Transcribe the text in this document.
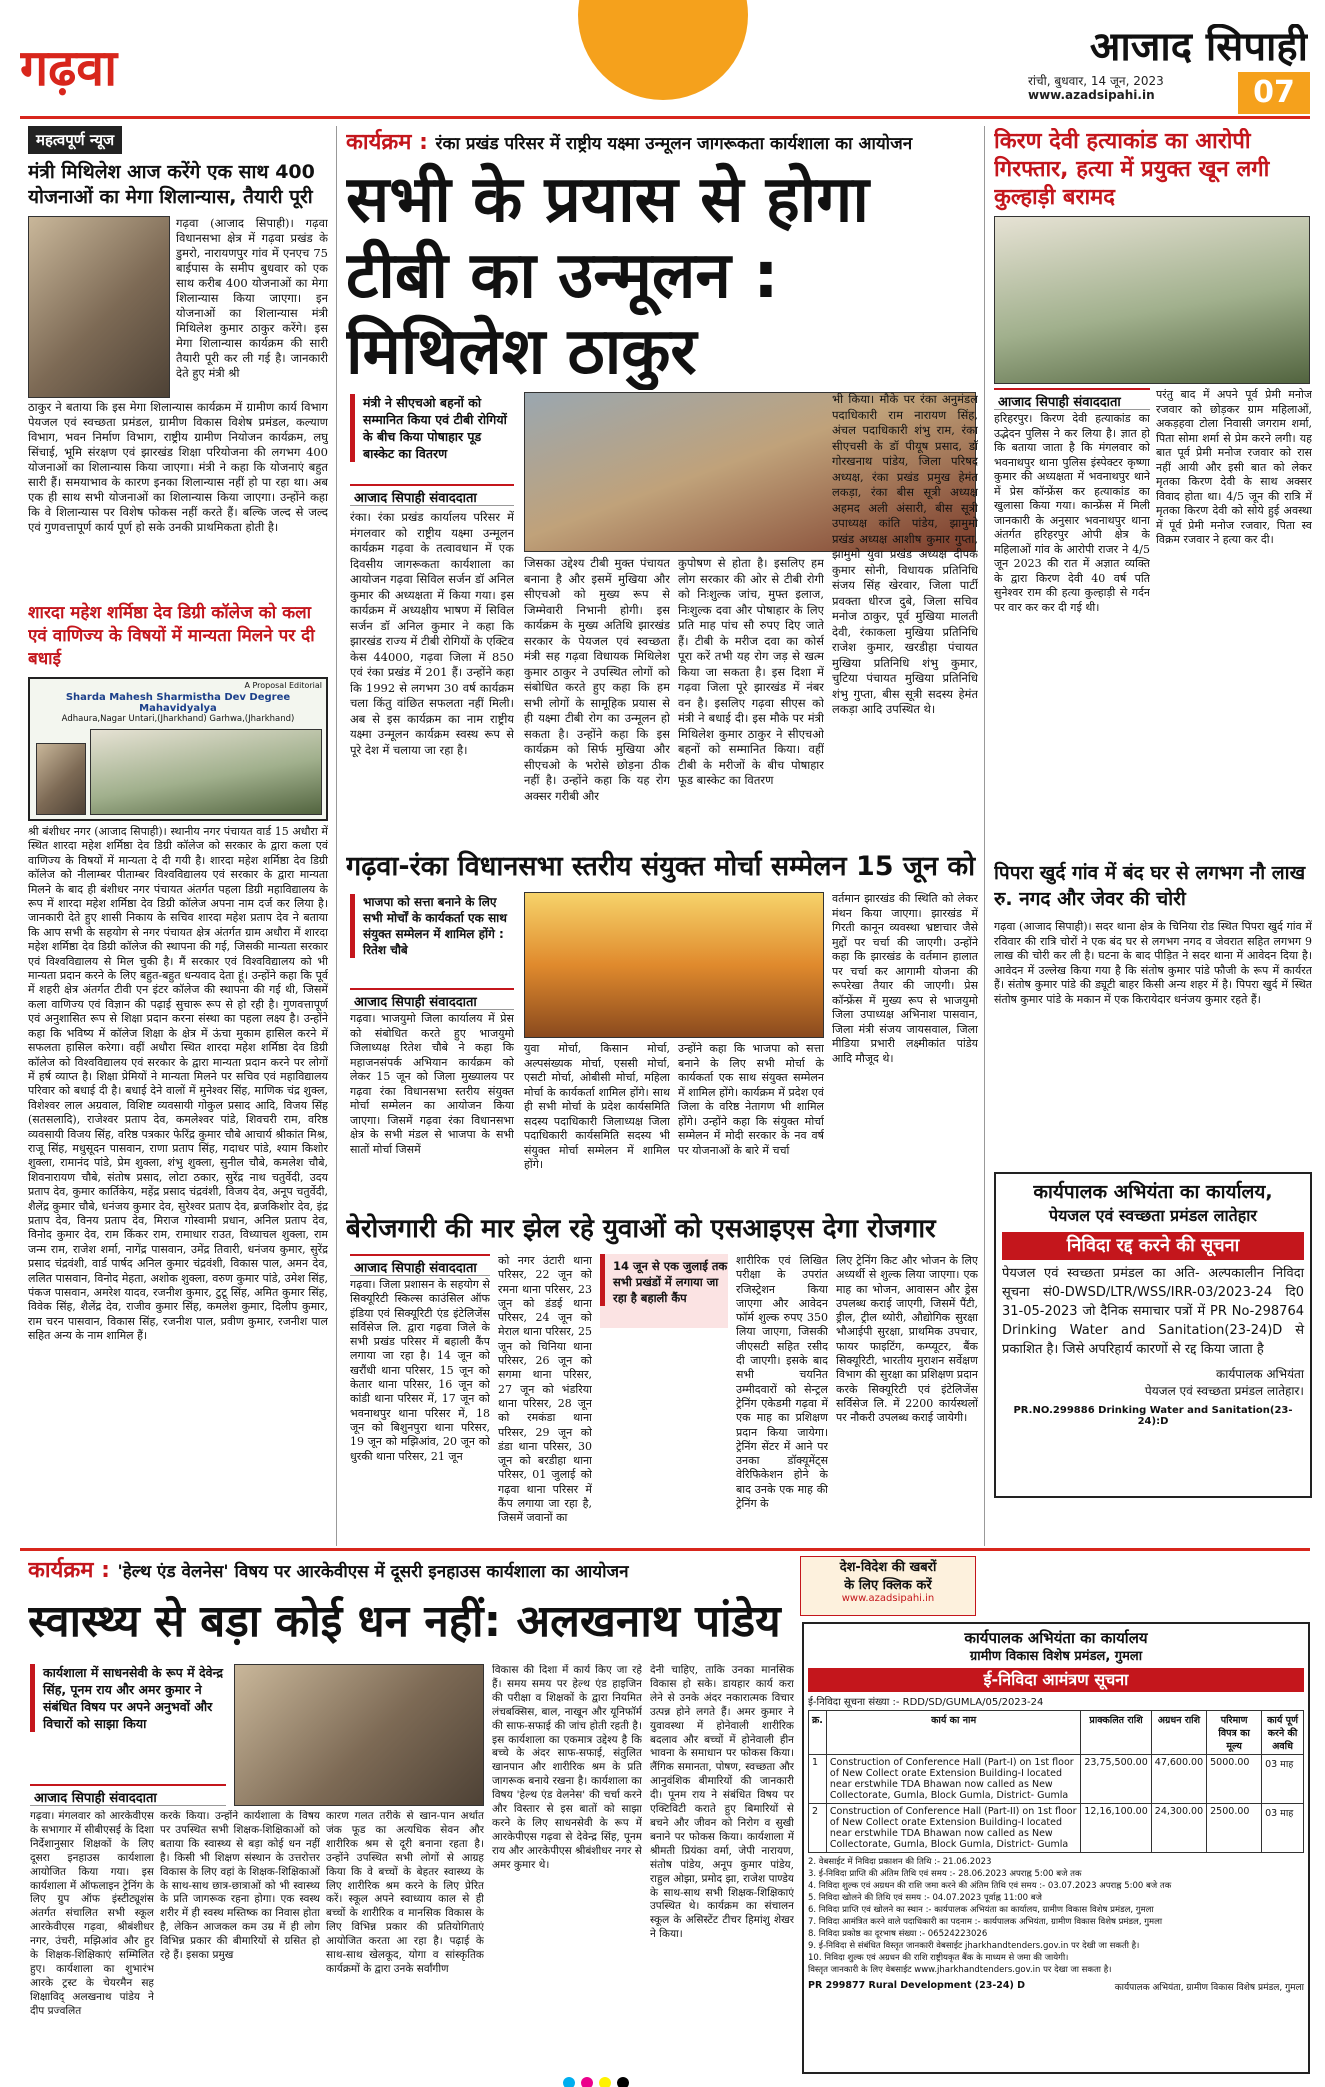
गढ़वा	आजाद सिपाही
रांची, बुधवार, 14 जून, 2023
www.azadsipahi.in	07
महत्वपूर्ण न्यूज
मंत्री मिथिलेश आज करेंगे एक साथ 400 योजनाओं का मेगा शिलान्यास, तैयारी पूरी
गढ़वा (आजाद सिपाही)। गढ़वा विधानसभा क्षेत्र में गढ़वा प्रखंड के डुमरो, नारायणपुर गांव में एनएच 75 बाईपास के समीप बुधवार को एक साथ करीब 400 योजनाओं का मेगा शिलान्यास किया जाएगा। इन योजनाओं का शिलान्यास मंत्री मिथिलेश कुमार ठाकुर करेंगे। इस मेगा शिलान्यास कार्यक्रम की सारी तैयारी पूरी कर ली गई है। जानकारी देते हुए मंत्री श्री
ठाकुर ने बताया कि इस मेगा शिलान्यास कार्यक्रम में ग्रामीण कार्य विभाग पेयजल एवं स्वच्छता प्रमंडल, ग्रामीण विकास विशेष प्रमंडल, कल्याण विभाग, भवन निर्माण विभाग, राष्ट्रीय ग्रामीण नियोजन कार्यक्रम, लघु सिंचाई, भूमि संरक्षण एवं झारखंड शिक्षा परियोजना की लगभग 400 योजनाओं का शिलान्यास किया जाएगा। मंत्री ने कहा कि योजनाएं बहुत सारी हैं। समयाभाव के कारण इनका शिलान्यास नहीं हो पा रहा था। अब एक ही साथ सभी योजनाओं का शिलान्यास किया जाएगा। उन्होंने कहा कि वे शिलान्यास पर विशेष फोकस नहीं करते हैं। बल्कि जल्द से जल्द एवं गुणवत्तापूर्ण कार्य पूर्ण हो सके उनकी प्राथमिकता होती है।
शारदा महेश शर्मिष्ठा देव डिग्री कॉलेज को कला एवं वाणिज्य के विषयों में मान्यता मिलने पर दी बधाई
A Proposal Editorial
Sharda Mahesh Sharmistha Dev Degree Mahavidyalya
Adhaura,Nagar Untari,(Jharkhand) Garhwa,(Jharkhand)
श्री बंशीधर नगर (आजाद सिपाही)। स्थानीय नगर पंचायत वार्ड 15 अधौरा में स्थित शारदा महेश शर्मिष्ठा देव डिग्री कॉलेज को सरकार के द्वारा कला एवं वाणिज्य के विषयों में मान्यता दे दी गयी है। शारदा महेश शर्मिष्ठा देव डिग्री कॉलेज को नीलाम्बर पीताम्बर विश्वविद्यालय एवं सरकार के द्वारा मान्यता मिलने के बाद ही बंशीधर नगर पंचायत अंतर्गत पहला डिग्री महाविद्यालय के रूप में शारदा महेश शर्मिष्ठा देव डिग्री कॉलेज अपना नाम दर्ज कर लिया है। जानकारी देते हुए शासी निकाय के सचिव शारदा महेश प्रताप देव ने बताया कि आप सभी के सहयोग से नगर पंचायत क्षेत्र अंतर्गत ग्राम अधौरा में शारदा महेश शर्मिष्ठा देव डिग्री कॉलेज की स्थापना की गई, जिसकी मान्यता सरकार एवं विश्वविद्यालय से मिल चुकी है। मैं सरकार एवं विश्वविद्यालय को भी मान्यता प्रदान करने के लिए बहुत-बहुत धन्यवाद देता हूं। उन्होंने कहा कि पूर्व में शहरी क्षेत्र अंतर्गत टीवी एन इंटर कॉलेज की स्थापना की गई थी, जिसमें कला वाणिज्य एवं विज्ञान की पढ़ाई सुचारू रूप से हो रही है। गुणवत्तापूर्ण एवं अनुशासित रूप से शिक्षा प्रदान करना संस्था का पहला लक्ष्य है। उन्होंने कहा कि भविष्य में कॉलेज शिक्षा के क्षेत्र में ऊंचा मुकाम हासिल करने में सफलता हासिल करेगा। वहीं अधौरा स्थित शारदा महेश शर्मिष्ठा देव डिग्री कॉलेज को विश्वविद्यालय एवं सरकार के द्वारा मान्यता प्रदान करने पर लोगों में हर्ष व्याप्त है। शिक्षा प्रेमियों ने मान्यता मिलने पर सचिव एवं महाविद्यालय परिवार को बधाई दी है। बधाई देने वालों में मुनेश्वर सिंह, माणिक चंद्र शुक्ल, विशेश्वर लाल अग्रवाल, विशिष्ट व्यवसायी गोकुल प्रसाद आदि, विजय सिंह (सतसलादि), राजेश्वर प्रताप देव, कमलेश्वर पांडे, शिवचरी राम, वरिष्ठ व्यवसायी विजय सिंह, वरिष्ठ पत्रकार फेरिंद्र कुमार चौबे आचार्य श्रीकांत मिश्र, राजू सिंह, मधुसूदन पासवान, राणा प्रताप सिंह, गदाधर पांडे, श्याम किशोर शुक्ला, रामानंद पांडे, प्रेम शुक्ला, शंभु शुक्ला, सुनील चौबे, कमलेश चौबे, शिवनारायण चौबे, संतोष प्रसाद, लोटा ठकार, सुरेंद्र नाथ चतुर्वेदी, उदय प्रताप देव, कुमार कार्तिकेय, महेंद्र प्रसाद चंद्रवंशी, विजय देव, अनूप चतुर्वेदी, शैलेंद्र कुमार चौबे, धनंजय कुमार देव, सुरेश्वर प्रताप देव, ब्रजकिशोर देव, इंद्र प्रताप देव, विनय प्रताप देव, मिराज गोस्वामी प्रधान, अनिल प्रताप देव, विनोद कुमार देव, राम किंकर राम, रामाधार राउत, विध्याचल शुक्ला, राम जन्म राम, राजेश शर्मा, नागेंद्र पासवान, उमेंद्र तिवारी, धनंजय कुमार, सुरेंद्र प्रसाद चंद्रवंशी, वार्ड पार्षद अनिल कुमार चंद्रवंशी, विकास पाल, अमन देव, ललित पासवान, विनोद मेहता, अशोक शुक्ला, वरुण कुमार पांडे, उमेश सिंह, पंकज पासवान, अमरेश यादव, रजनीश कुमार, टुटू सिंह, अमित कुमार सिंह, विवेक सिंह, शैलेंद्र देव, राजीव कुमार सिंह, कमलेश कुमार, दिलीप कुमार, राम चरन पासवान, विकास सिंह, रजनीश पाल, प्रवीण कुमार, रजनीश पाल सहित अन्य के नाम शामिल हैं।
कार्यक्रम : रंका प्रखंड परिसर में राष्ट्रीय यक्ष्मा उन्मूलन जागरूकता कार्यशाला का आयोजन
सभी के प्रयास से होगा टीबी का उन्मूलन : मिथिलेश ठाकुर
मंत्री ने सीएचओ बहनों को सम्मानित किया एवं टीबी रोगियों के बीच किया पोषाहार पूड बास्केट का वितरण
आजाद सिपाही संवाददाता
रंका। रंका प्रखंड कार्यालय परिसर में मंगलवार को राष्ट्रीय यक्ष्मा उन्मूलन कार्यक्रम गढ़वा के तत्वावधान में एक दिवसीय जागरूकता कार्यशाला का आयोजन गढ़वा सिविल सर्जन डॉ अनिल कुमार की अध्यक्षता में किया गया। इस कार्यक्रम में अध्यक्षीय भाषण में सिविल सर्जन डॉ अनिल कुमार ने कहा कि झारखंड राज्य में टीबी रोगियों के एक्टिव केस 44000, गढ़वा जिला में 850 एवं रंका प्रखंड में 201 हैं। उन्होंने कहा कि 1992 से लगभग 30 वर्ष कार्यक्रम चला किंतु वांछित सफलता नहीं मिली। अब से इस कार्यक्रम का नाम राष्ट्रीय यक्ष्मा उन्मूलन कार्यक्रम स्वस्थ रूप से पूरे देश में चलाया जा रहा है।
जिसका उद्देश्य टीबी मुक्त पंचायत बनाना है और इसमें मुखिया और सीएचओ को मुख्य रूप से जिम्मेवारी निभानी होगी। इस कार्यक्रम के मुख्य अतिथि झारखंड सरकार के पेयजल एवं स्वच्छता मंत्री सह गढ़वा विधायक मिथिलेश कुमार ठाकुर ने उपस्थित लोगों को संबोधित करते हुए कहा कि हम सभी लोगों के सामूहिक प्रयास से ही यक्ष्मा टीबी रोग का उन्मूलन हो सकता है। उन्होंने कहा कि इस कार्यक्रम को सिर्फ मुखिया और सीएचओ के भरोसे छोड़ना ठीक नहीं है। उन्होंने कहा कि यह रोग अक्सर गरीबी और
कुपोषण से होता है। इसलिए हम लोग सरकार की ओर से टीबी रोगी को निःशुल्क जांच, मुफ्त इलाज, निःशुल्क दवा और पोषाहार के लिए प्रति माह पांच सौ रुपए दिए जाते हैं। टीबी के मरीज दवा का कोर्स पूरा करें तभी यह रोग जड़ से खत्म किया जा सकता है। इस दिशा में गढ़वा जिला पूरे झारखंड में नंबर वन है। इसलिए गढ़वा सीएस को मंत्री ने बधाई दी। इस मौके पर मंत्री मिथिलेश कुमार ठाकुर ने सीएचओ बहनों को सम्मानित किया। वहीं टीबी के मरीजों के बीच पोषाहार फूड बास्केट का वितरण
भी किया। मौके पर रंका अनुमंडल पदाधिकारी राम नारायण सिंह, अंचल पदाधिकारी शंभु राम, रंका सीएचसी के डॉ पीयूष प्रसाद, डॉ गोरखनाथ पांडेय, जिला परिषद अध्यक्ष, रंका प्रखंड प्रमुख हेमंत लकड़ा, रंका बीस सूत्री अध्यक्ष अहमद अली अंसारी, बीस सूत्री उपाध्यक्ष कांति पांडेय, झामुमो प्रखंड अध्यक्ष आशीष कुमार गुप्ता, झामुमो युवा प्रखंड अध्यक्ष दीपक कुमार सोनी, विधायक प्रतिनिधि संजय सिंह खेरवार, जिला पार्टी प्रवक्ता धीरज दुबे, जिला सचिव मनोज ठाकुर, पूर्व मुखिया मालती देवी, रंकाकला मुखिया प्रतिनिधि राजेश कुमार, खरडीहा पंचायत मुखिया प्रतिनिधि शंभु कुमार, चुटिया पंचायत मुखिया प्रतिनिधि शंभु गुप्ता, बीस सूत्री सदस्य हेमंत लकड़ा आदि उपस्थित थे।
किरण देवी हत्याकांड का आरोपी गिरफ्तार, हत्या में प्रयुक्त खून लगी कुल्हाड़ी बरामद
आजाद सिपाही संवाददाता
हरिहरपुर। किरण देवी हत्याकांड का उद्भेदन पुलिस ने कर लिया है। ज्ञात हो कि बताया जाता है कि मंगलवार को भवनाथपुर थाना पुलिस इंस्पेक्टर कृष्णा कुमार की अध्यक्षता में भवनाथपुर थाने में प्रेस कॉन्फ्रेंस कर हत्याकांड का खुलासा किया गया। कान्फ्रेंस में मिली जानकारी के अनुसार भवनाथपुर थाना अंतर्गत हरिहरपुर ओपी क्षेत्र के महिलाओं गांव के आरोपी राजर ने 4/5 जून 2023 की रात में अज्ञात व्यक्ति के द्वारा किरण देवी 40 वर्ष पति सुनेश्वर राम की हत्या कुल्हाड़ी से गर्दन पर वार कर कर दी गई थी।
परंतु बाद में अपने पूर्व प्रेमी मनोज रजवार को छोड़कर ग्राम महिलाओं, अकड़हवा टोला निवासी जगराम शर्मा, पिता सोमा शर्मा से प्रेम करने लगी। यह बात पूर्व प्रेमी मनोज रजवार को रास नहीं आयी और इसी बात को लेकर मृतका किरण देवी के साथ अक्सर विवाद होता था। 4/5 जून की रात्रि में मृतका किरण देवी को सोये हुई अवस्था में पूर्व प्रेमी मनोज रजवार, पिता स्व विक्रम रजवार ने हत्या कर दी।
पिपरा खुर्द गांव में बंद घर से लगभग नौ लाख रु. नगद और जेवर की चोरी
गढ़वा (आजाद सिपाही)। सदर थाना क्षेत्र के चिनिया रोड स्थित पिपरा खुर्द गांव में रविवार की रात्रि चोरों ने एक बंद घर से लगभग नगद व जेवरात सहित लगभग 9 लाख की चोरी कर ली है। घटना के बाद पीड़ित ने सदर थाना में आवेदन दिया है। आवेदन में उल्लेख किया गया है कि संतोष कुमार पांडे फौजी के रूप में कार्यरत हैं। संतोष कुमार पांडे की ड्यूटी बाहर किसी अन्य शहर में है। पिपरा खुर्द में स्थित संतोष कुमार पांडे के मकान में एक किरायेदार धनंजय कुमार रहते हैं।
कार्यपालक अभियंता का कार्यालय,
पेयजल एवं स्वच्छता प्रमंडल लातेहार
निविदा रद्द करने की सूचना
पेयजल एवं स्वच्छता प्रमंडल का अति- अल्पकालीन निविदा सूचना सं0-DWSD/LTR/WSS/IRR-03/2023-24 दि0 31-05-2023 जो दैनिक समाचार पत्रों में PR No-298764 Drinking Water and Sanitation(23-24)D से प्रकाशित है। जिसे अपरिहार्य कारणों से रद्द किया जाता है
कार्यपालक अभियंता
पेयजल एवं स्वच्छता प्रमंडल लातेहार।
PR.NO.299886 Drinking Water and Sanitation(23-24):D
गढ़वा-रंका विधानसभा स्तरीय संयुक्त मोर्चा सम्मेलन 15 जून को
भाजपा को सत्ता बनाने के लिए सभी मोर्चों के कार्यकर्ता एक साथ संयुक्त सम्मेलन में शामिल होंगे : रितेश चौबे
आजाद सिपाही संवाददाता
गढ़वा। भाजयुमो जिला कार्यालय में प्रेस को संबोधित करते हुए भाजयुमो जिलाध्यक्ष रितेश चौबे ने कहा कि महाजनसंपर्क अभियान कार्यक्रम को लेकर 15 जून को जिला मुख्यालय पर गढ़वा रंका विधानसभा स्तरीय संयुक्त मोर्चा सम्मेलन का आयोजन किया जाएगा। जिसमें गढ़वा रंका विधानसभा क्षेत्र के सभी मंडल से भाजपा के सभी सातों मोर्चा जिसमें
युवा मोर्चा, किसान मोर्चा, अल्पसंख्यक मोर्चा, एससी मोर्चा, एसटी मोर्चा, ओबीसी मोर्चा, महिला मोर्चा के कार्यकर्ता शामिल होंगे। साथ ही सभी मोर्चा के प्रदेश कार्यसमिति सदस्य पदाधिकारी जिलाध्यक्ष जिला पदाधिकारी कार्यसमिति सदस्य भी संयुक्त मोर्चा सम्मेलन में शामिल होंगे।
उन्होंने कहा कि भाजपा को सत्ता बनाने के लिए सभी मोर्चा के कार्यकर्ता एक साथ संयुक्त सम्मेलन में शामिल होंगे। कार्यक्रम में प्रदेश एवं जिला के वरिष्ठ नेतागण भी शामिल होंगे। उन्होंने कहा कि संयुक्त मोर्चा सम्मेलन में मोदी सरकार के नव वर्ष पर योजनाओं के बारे में चर्चा
वर्तमान झारखंड की स्थिति को लेकर मंथन किया जाएगा। झारखंड में गिरती कानून व्यवस्था भ्रष्टाचार जैसे मुद्दों पर चर्चा की जाएगी। उन्होंने कहा कि झारखंड के वर्तमान हालात पर चर्चा कर आगामी योजना की रूपरेखा तैयार की जाएगी। प्रेस कॉन्फ्रेंस में मुख्य रूप से भाजयुमो जिला उपाध्यक्ष अभिनाश पासवान, जिला मंत्री संजय जायसवाल, जिला मीडिया प्रभारी लक्ष्मीकांत पांडेय आदि मौजूद थे।
बेरोजगारी की मार झेल रहे युवाओं को एसआइएस देगा रोजगार
आजाद सिपाही संवाददाता
गढ़वा। जिला प्रशासन के सहयोग से सिक्यूरिटी स्किल्स काउंसिल ऑफ इंडिया एवं सिक्यूरिटी एंड इंटेलिजेंस सर्विसेज लि. द्वारा गढ़वा जिले के सभी प्रखंड परिसर में बहाली कैंप लगाया जा रहा है। 14 जून को खरौंधी थाना परिसर, 15 जून को केतार थाना परिसर, 16 जून को कांडी थाना परिसर में, 17 जून को भवनाथपुर थाना परिसर में, 18 जून को बिशुनपुरा थाना परिसर, 19 जून को मझिआंव, 20 जून को धुरकी थाना परिसर, 21 जून
को नगर उंटारी थाना परिसर, 22 जून को रमना थाना परिसर, 23 जून को डंडई थाना परिसर, 24 जून को मेराल थाना परिसर, 25 जून को चिनिया थाना परिसर, 26 जून को सगमा थाना परिसर, 27 जून को भंडरिया थाना परिसर, 28 जून को रमकंडा थाना परिसर, 29 जून को डंडा थाना परिसर, 30 जून को बरडीहा थाना परिसर, 01 जुलाई को गढ़वा थाना परिसर में कैंप लगाया जा रहा है, जिसमें जवानों का
14 जून से एक जुलाई तक सभी प्रखंडों में लगाया जा रहा है बहाली कैंप
शारीरिक एवं लिखित परीक्षा के उपरांत रजिस्ट्रेशन किया जाएगा और आवेदन फॉर्म शुल्क रुपए 350 लिया जाएगा, जिसकी जीएसटी सहित रसीद दी जाएगी। इसके बाद सभी चयनित उम्मीदवारों को सेन्ट्रल ट्रेनिंग एकेडमी गढ़वा में एक माह का प्रशिक्षण प्रदान किया जायेगा। ट्रेनिंग सेंटर में आने पर उनका डॉक्यूमेंट्स वेरिफिकेशन होने के बाद उनके एक माह की ट्रेनिंग के
लिए ट्रेनिंग किट और भोजन के लिए अध्यर्थी से शुल्क लिया जाएगा। एक माह का भोजन, आवासन और ड्रेस उपलब्ध कराई जाएगी, जिसमें पैंटी, ड्रील, ट्रील थ्योरी, औद्योगिक सुरक्षा भौआईपी सुरक्षा, प्राथमिक उपचार, फायर फाइटिंग, कम्प्यूटर, बैंक सिक्यूरिटी, भारतीय मुराशन सर्वेक्षण विभाग की सुरक्षा का प्रशिक्षण प्रदान करके सिक्यूरिटी एवं इंटेलिजेंस सर्विसेज लि. में 2200 कार्यस्थलों पर नौकरी उपलब्ध कराई जायेगी।
कार्यक्रम : 'हेल्थ एंड वेलनेस' विषय पर आरकेवीएस में दूसरी इनहाउस कार्यशाला का आयोजन	देश-विदेश की खबरों
के लिए क्लिक करें
www.azadsipahi.in
स्वास्थ्य से बड़ा कोई धन नहीं: अलखनाथ पांडेय
कार्यशाला में साधनसेवी के रूप में देवेन्द्र सिंह, पूनम राय और अमर कुमार ने संबंधित विषय पर अपने अनुभवों और विचारों को साझा किया
आजाद सिपाही संवाददाता
गढ़वा। मंगलवार को आरकेवीएस के सभागार में सीबीएसई के दिशा निर्देशानुसार शिक्षकों के लिए दूसरा इनहाउस कार्यशाला आयोजित किया गया। इस कार्यशाला में ऑफलाइन ट्रेनिंग के लिए ग्रुप ऑफ इंस्टीट्यूशंस अंतर्गत संचालित सभी स्कूल आरकेवीएस गढ़वा, श्रीबंशीधर नगर, उंचरी, मझिआंव और हुर के शिक्षक-शिक्षिकाएं सम्मिलित हुए। कार्यशाला का शुभारंभ आरके ट्रस्ट के चेयरमैन सह शिक्षाविद् अलखनाथ पांडेय ने दीप प्रज्वलित
करके किया। उन्होंने कार्यशाला के विषय पर उपस्थित सभी शिक्षक-शिक्षिकाओं को बताया कि स्वास्थ्य से बड़ा कोई धन नहीं है। किसी भी शिक्षण संस्थान के उत्तरोत्तर विकास के लिए वहां के शिक्षक-शिक्षिकाओं के साथ-साथ छात्र-छात्राओं को भी स्वास्थ्य के प्रति जागरूक रहना होगा। एक स्वस्थ शरीर में ही स्वस्थ मस्तिष्क का निवास होता है, लेकिन आजकल कम उम्र में ही लोग विभिन्न प्रकार की बीमारियों से ग्रसित हो रहे हैं। इसका प्रमुख
कारण गलत तरीके से खान-पान अर्थात जंक फूड का अत्यधिक सेवन और शारीरिक श्रम से दूरी बनाना रहता है। उन्होंने उपस्थित सभी लोगों से आग्रह किया कि वे बच्चों के बेहतर स्वास्थ्य के लिए शारीरिक श्रम करने के लिए प्रेरित करें। स्कूल अपने स्वाध्याय काल से ही बच्चों के शारीरिक व मानसिक विकास के लिए विभिन्न प्रकार की प्रतियोगिताएं आयोजित करता आ रहा है। पढ़ाई के साथ-साथ खेलकूद, योगा व सांस्कृतिक कार्यक्रमों के द्वारा उनके सर्वांगीण
विकास की दिशा में कार्य किए जा रहे हैं। समय समय पर हेल्थ एंड हाइजिन की परीक्षा व शिक्षकों के द्वारा नियमित लंचबक्सिस, बाल, नाखून और यूनिफॉर्म की साफ-सफाई की जांच होती रहती है। इस कार्यशाला का एकमात्र उद्देश्य है कि बच्चे के अंदर साफ-सफाई, संतुलित खानपान और शारीरिक श्रम के प्रति जागरूक बनाये रखना है। कार्यशाला का विषय 'हेल्थ एंड वेलनेस' की चर्चा करने और विस्तार से इस बातों को साझा करने के लिए साधनसेवी के रूप में आरकेपीएस गढ़वा से देवेन्द्र सिंह, पूनम राय और आरकेपीएस श्रीबंशीधर नगर से अमर कुमार थे।
देनी चाहिए, ताकि उनका मानसिक विकास हो सके। डायहार कार्य करा लेने से उनके अंदर नकारात्मक विचार उत्पन्न होने लगते हैं। अमर कुमार ने युवावस्था में होनेवाली शारीरिक बदलाव और बच्चों में होनेवाली हीन भावना के समाधान पर फोकस किया। लैंगिक समानता, पोषण, स्वच्छता और आनुवंशिक बीमारियों की जानकारी दी। पूनम राय ने संबंधित विषय पर एक्टिविटी कराते हुए बिमारियों से बचने और जीवन को निरोग व सुखी बनाने पर फोकस किया। कार्यशाला में श्रीमती प्रियंका वर्मा, जेपी नारायण, संतोष पांडेय, अनूप कुमार पांडेय, राहुल ओझा, प्रमोद झा, राजेश पाण्डेय के साथ-साथ सभी शिक्षक-शिक्षिकाएं उपस्थित थे। कार्यक्रम का संचालन स्कूल के असिस्टेंट टीचर हिमांशु शेखर ने किया।
कार्यपालक अभियंता का कार्यालय
ग्रामीण विकास विशेष प्रमंडल, गुमला
ई-निविदा आमंत्रण सूचना
ई-निविदा सूचना संख्या :- RDD/SD/GUMLA/05/2023-24
क्र.	कार्य का नाम	प्राक्कलित राशि	अग्रधन राशि	परिमाण विपत्र का मूल्य	कार्य पूर्ण करने की अवधि
1	Construction of Conference Hall (Part-I) on 1st floor of New Collect orate Extension Building-I located near erstwhile TDA Bhawan now called as New Collectorate, Gumla, Block Gumla, District- Gumla	23,75,500.00	47,600.00	5000.00	03 माह
2	Construction of Conference Hall (Part-II) on 1st floor of New Collect orate Extension Building-I located near erstwhile TDA Bhawan now called as New Collectorate, Gumla, Block Gumla, District- Gumla	12,16,100.00	24,300.00	2500.00	03 माह
2. वेबसाईट में निविदा प्रकाशन की तिथि :- 21.06.2023
3. ई-निविदा प्राप्ति की अंतिम तिथि एवं समय :- 28.06.2023 अपराह्न 5:00 बजे तक
4. निविदा शुल्क एवं अग्रधन की राशि जमा करने की अंतिम तिथि एवं समय :- 03.07.2023 अपराह्न 5:00 बजे तक
5. निविदा खोलने की तिथि एवं समय :- 04.07.2023 पूर्वाह्न 11:00 बजे
6. निविदा प्राप्ति एवं खोलने का स्थान :- कार्यपालक अभियंता का कार्यालय, ग्रामीण विकास विशेष प्रमंडल, गुमला
7. निविदा आमंत्रित करने वाले पदाधिकारी का पदनाम :- कार्यपालक अभियंता, ग्रामीण विकास विशेष प्रमंडल, गुमला
8. निविदा प्रकोष्ठ का दूरभाष संख्या :- 06524223026
9. ई-निविदा से संबंधित विस्तृत जानकारी वेबसाईट jharkhandtenders.gov.in पर देखी जा सकती है।
10. निविदा शुल्क एवं अग्रधन की राशि राष्ट्रीयकृत बैंक के माध्यम से जमा की जायेगी।
विस्तृत जानकारी के लिए वेबसाईट www.jharkhandtenders.gov.in पर देखा जा सकता है।
PR 299877 Rural Development (23-24) D	कार्यपालक अभियंता, ग्रामीण विकास विशेष प्रमंडल, गुमला
